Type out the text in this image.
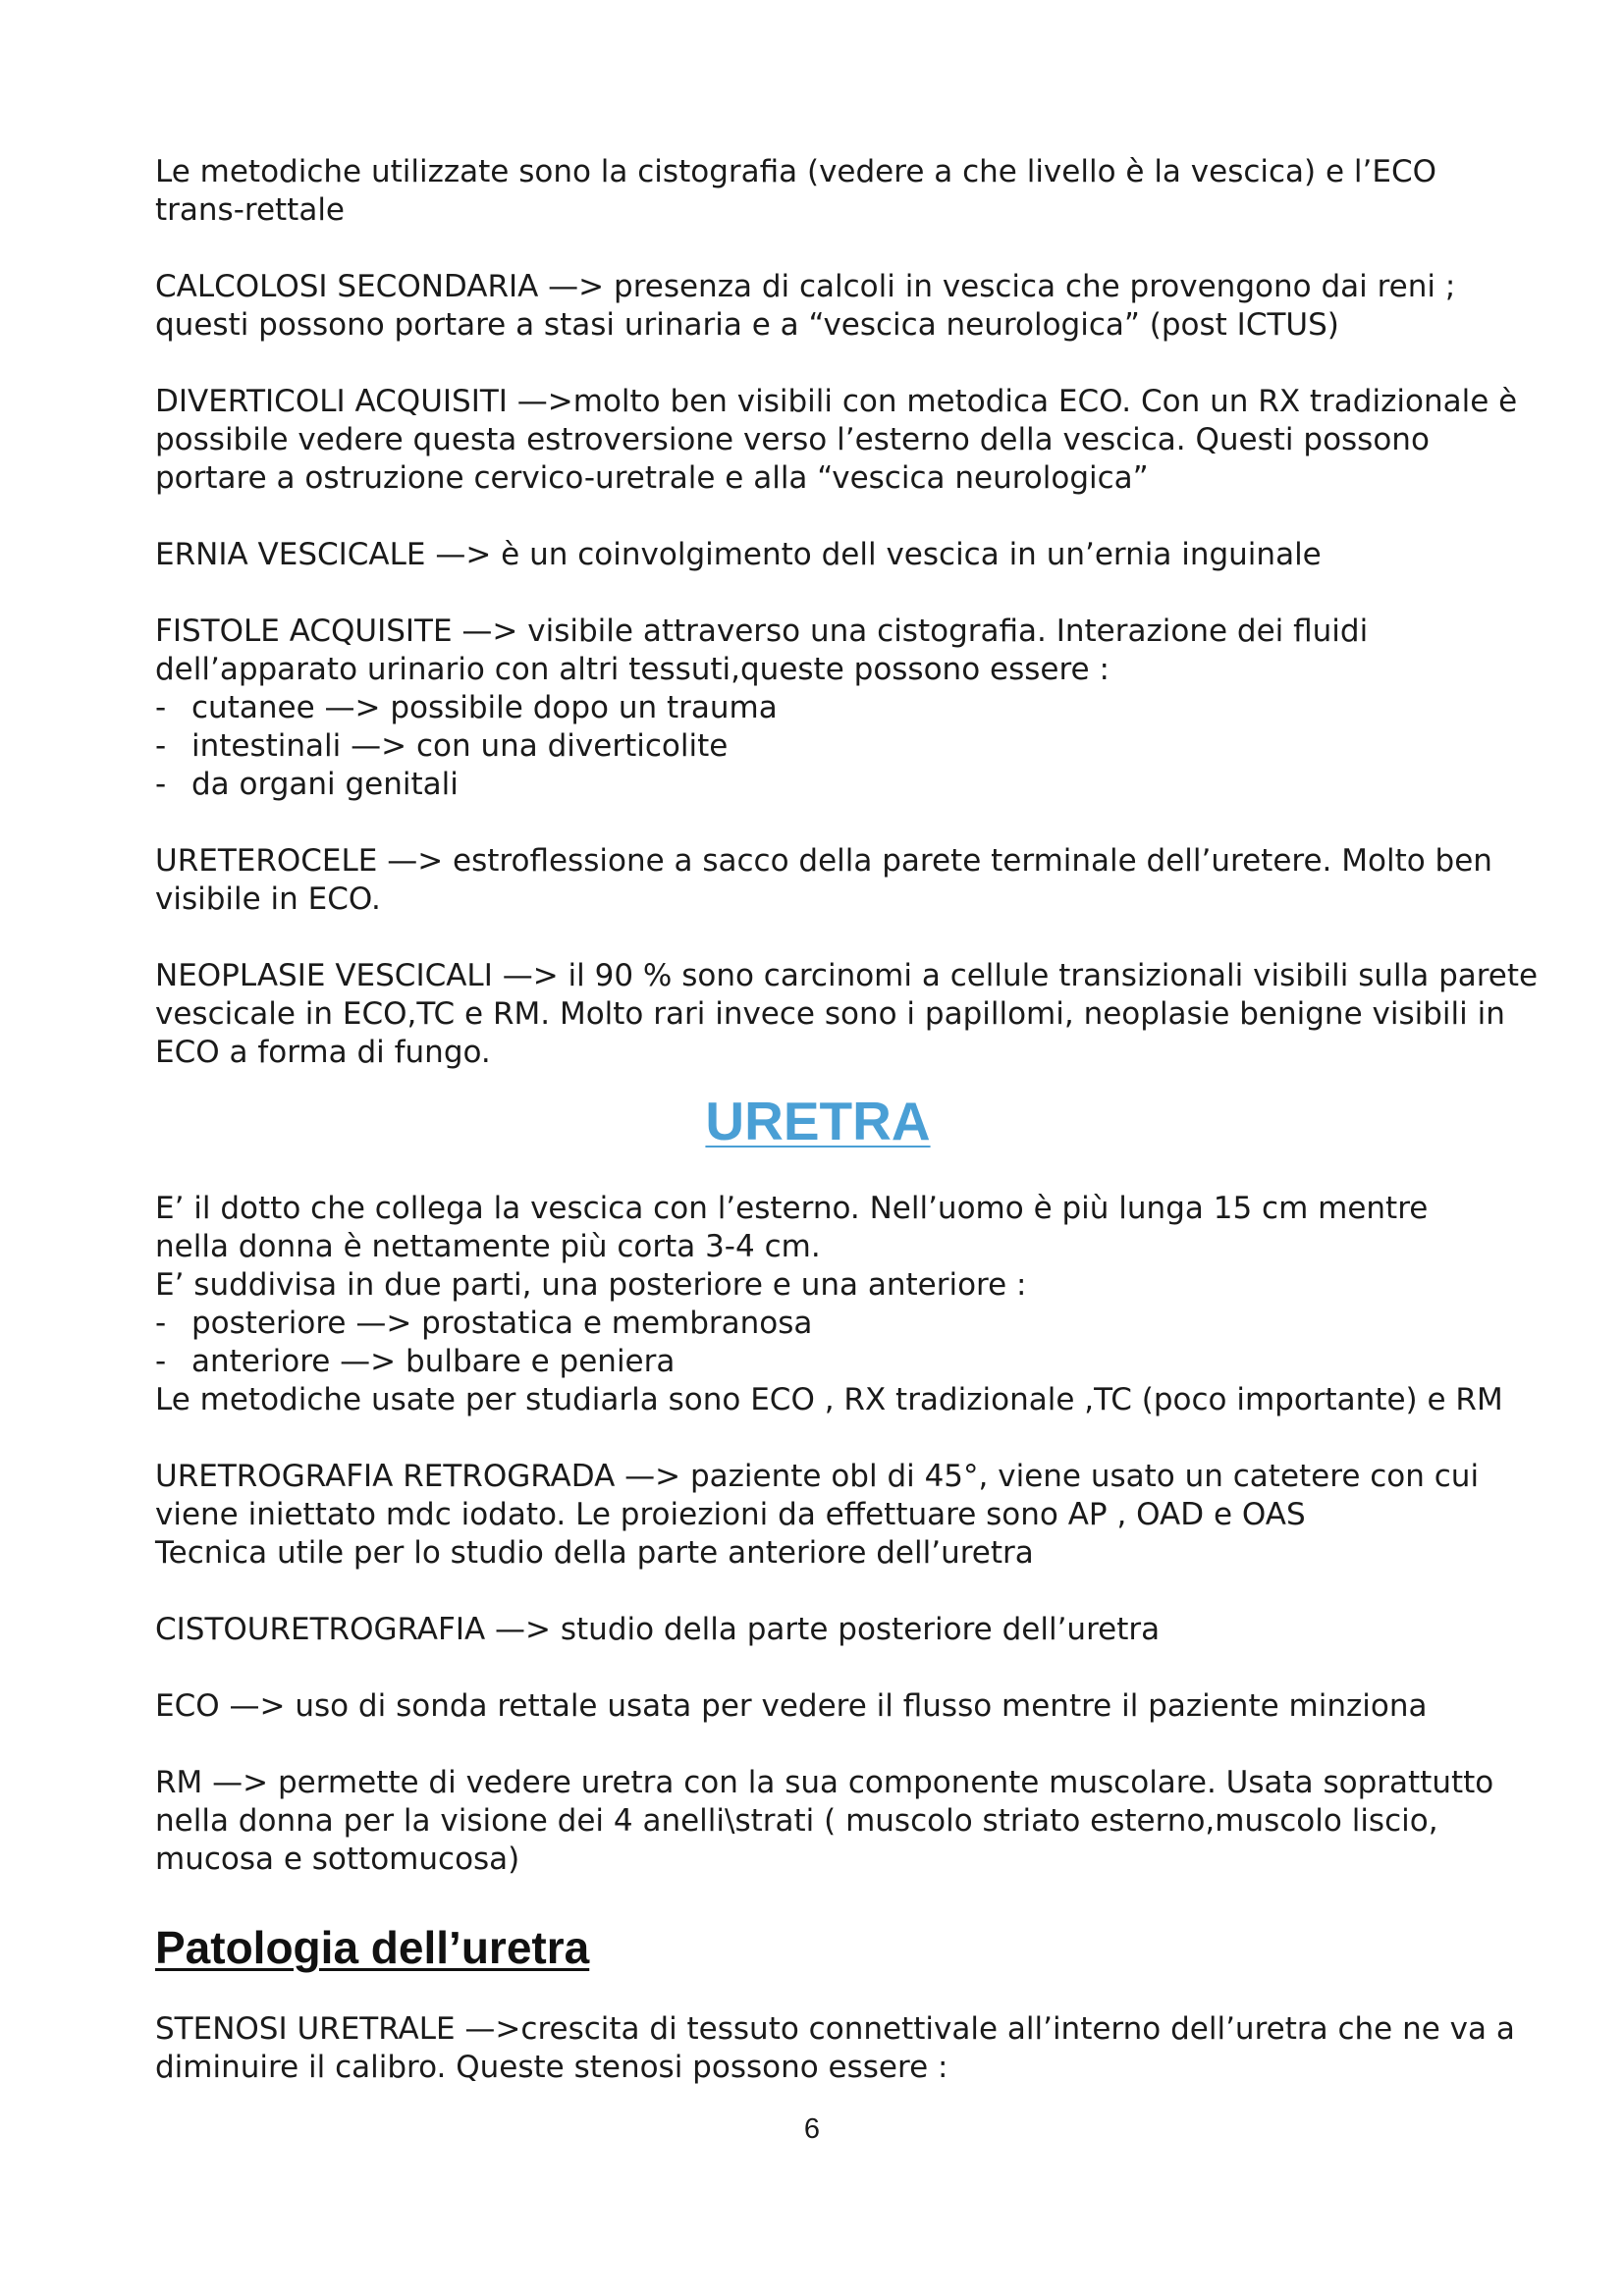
Le metodiche utilizzate sono la cistografia (vedere a che livello è la vescica) e l’ECO

trans-rettale

CALCOLOSI SECONDARIA —> presenza di calcoli in vescica che provengono dai reni ;

questi possono portare a stasi urinaria e a “vescica neurologica” (post ICTUS)

DIVERTICOLI ACQUISITI —>molto ben visibili con metodica ECO. Con un RX tradizionale è

possibile vedere questa estroversione verso l’esterno della vescica. Questi possono

portare a ostruzione cervico-uretrale e alla “vescica neurologica”

ERNIA VESCICALE —> è un coinvolgimento dell vescica in un’ernia inguinale

FISTOLE ACQUISITE —> visibile attraverso una cistografia. Interazione dei fluidi

dell’apparato urinario con altri tessuti,queste possono essere :

- cutanee —> possibile dopo un trauma
- intestinali —> con una diverticolite
- da organi genitali

URETEROCELE —> estroflessione a sacco della parete terminale dell’uretere. Molto ben

visibile in ECO.

NEOPLASIE VESCICALI —> il 90 % sono carcinomi a cellule transizionali visibili sulla parete

vescicale in ECO,TC e RM. Molto rari invece sono i papillomi, neoplasie benigne visibili in

ECO a forma di fungo.

URETRA

E’ il dotto che collega la vescica con l’esterno. Nell’uomo è più lunga 15 cm mentre

nella donna è nettamente più corta 3-4 cm.

E’ suddivisa in due parti, una posteriore e una anteriore :

- posteriore —> prostatica e membranosa
- anteriore —> bulbare e peniera

Le metodiche usate per studiarla sono ECO , RX tradizionale ,TC (poco importante) e RM

URETROGRAFIA RETROGRADA —> paziente obl di 45°, viene usato un catetere con cui

viene iniettato mdc iodato. Le proiezioni da effettuare sono AP , OAD e OAS

Tecnica utile per lo studio della parte anteriore dell’uretra

CISTOURETROGRAFIA —> studio della parte posteriore dell’uretra

ECO —> uso di sonda rettale usata per vedere il flusso mentre il paziente minziona

RM —> permette di vedere uretra con la sua componente muscolare. Usata soprattutto

nella donna per la visione dei 4 anelli\strati ( muscolo striato esterno,muscolo liscio,

mucosa e sottomucosa)

Patologia dell’uretra

STENOSI URETRALE —>crescita di tessuto connettivale all’interno dell’uretra che ne va a

diminuire il calibro. Queste stenosi possono essere :

6
